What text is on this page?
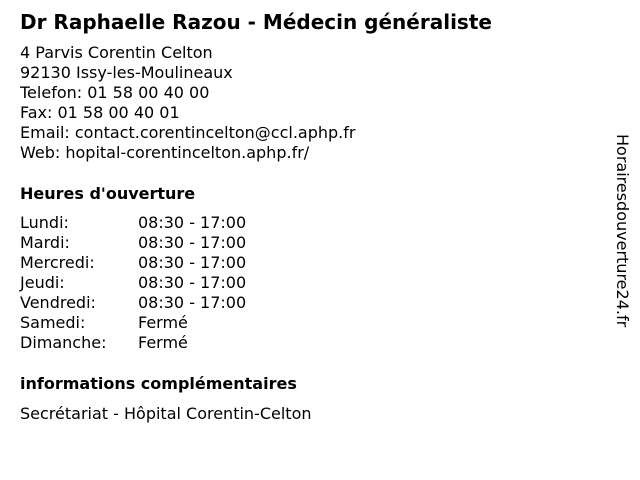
Dr Raphaelle Razou - Médecin généraliste
4 Parvis Corentin Celton
92130 Issy-les-Moulineaux
Telefon: 01 58 00 40 00
Fax: 01 58 00 40 01
Email: contact.corentincelton@ccl.aphp.fr
Web: hopital-corentincelton.aphp.fr/
Heures d'ouverture
Lundi:	08:30 - 17:00
Mardi:	08:30 - 17:00
Mercredi:	08:30 - 17:00
Jeudi:	08:30 - 17:00
Vendredi:	08:30 - 17:00
Samedi:	Fermé
Dimanche: Fermé
informations complémentaires
Secrétariat - Hôpital Corentin-Celton
Horairesdouverture24.fr
